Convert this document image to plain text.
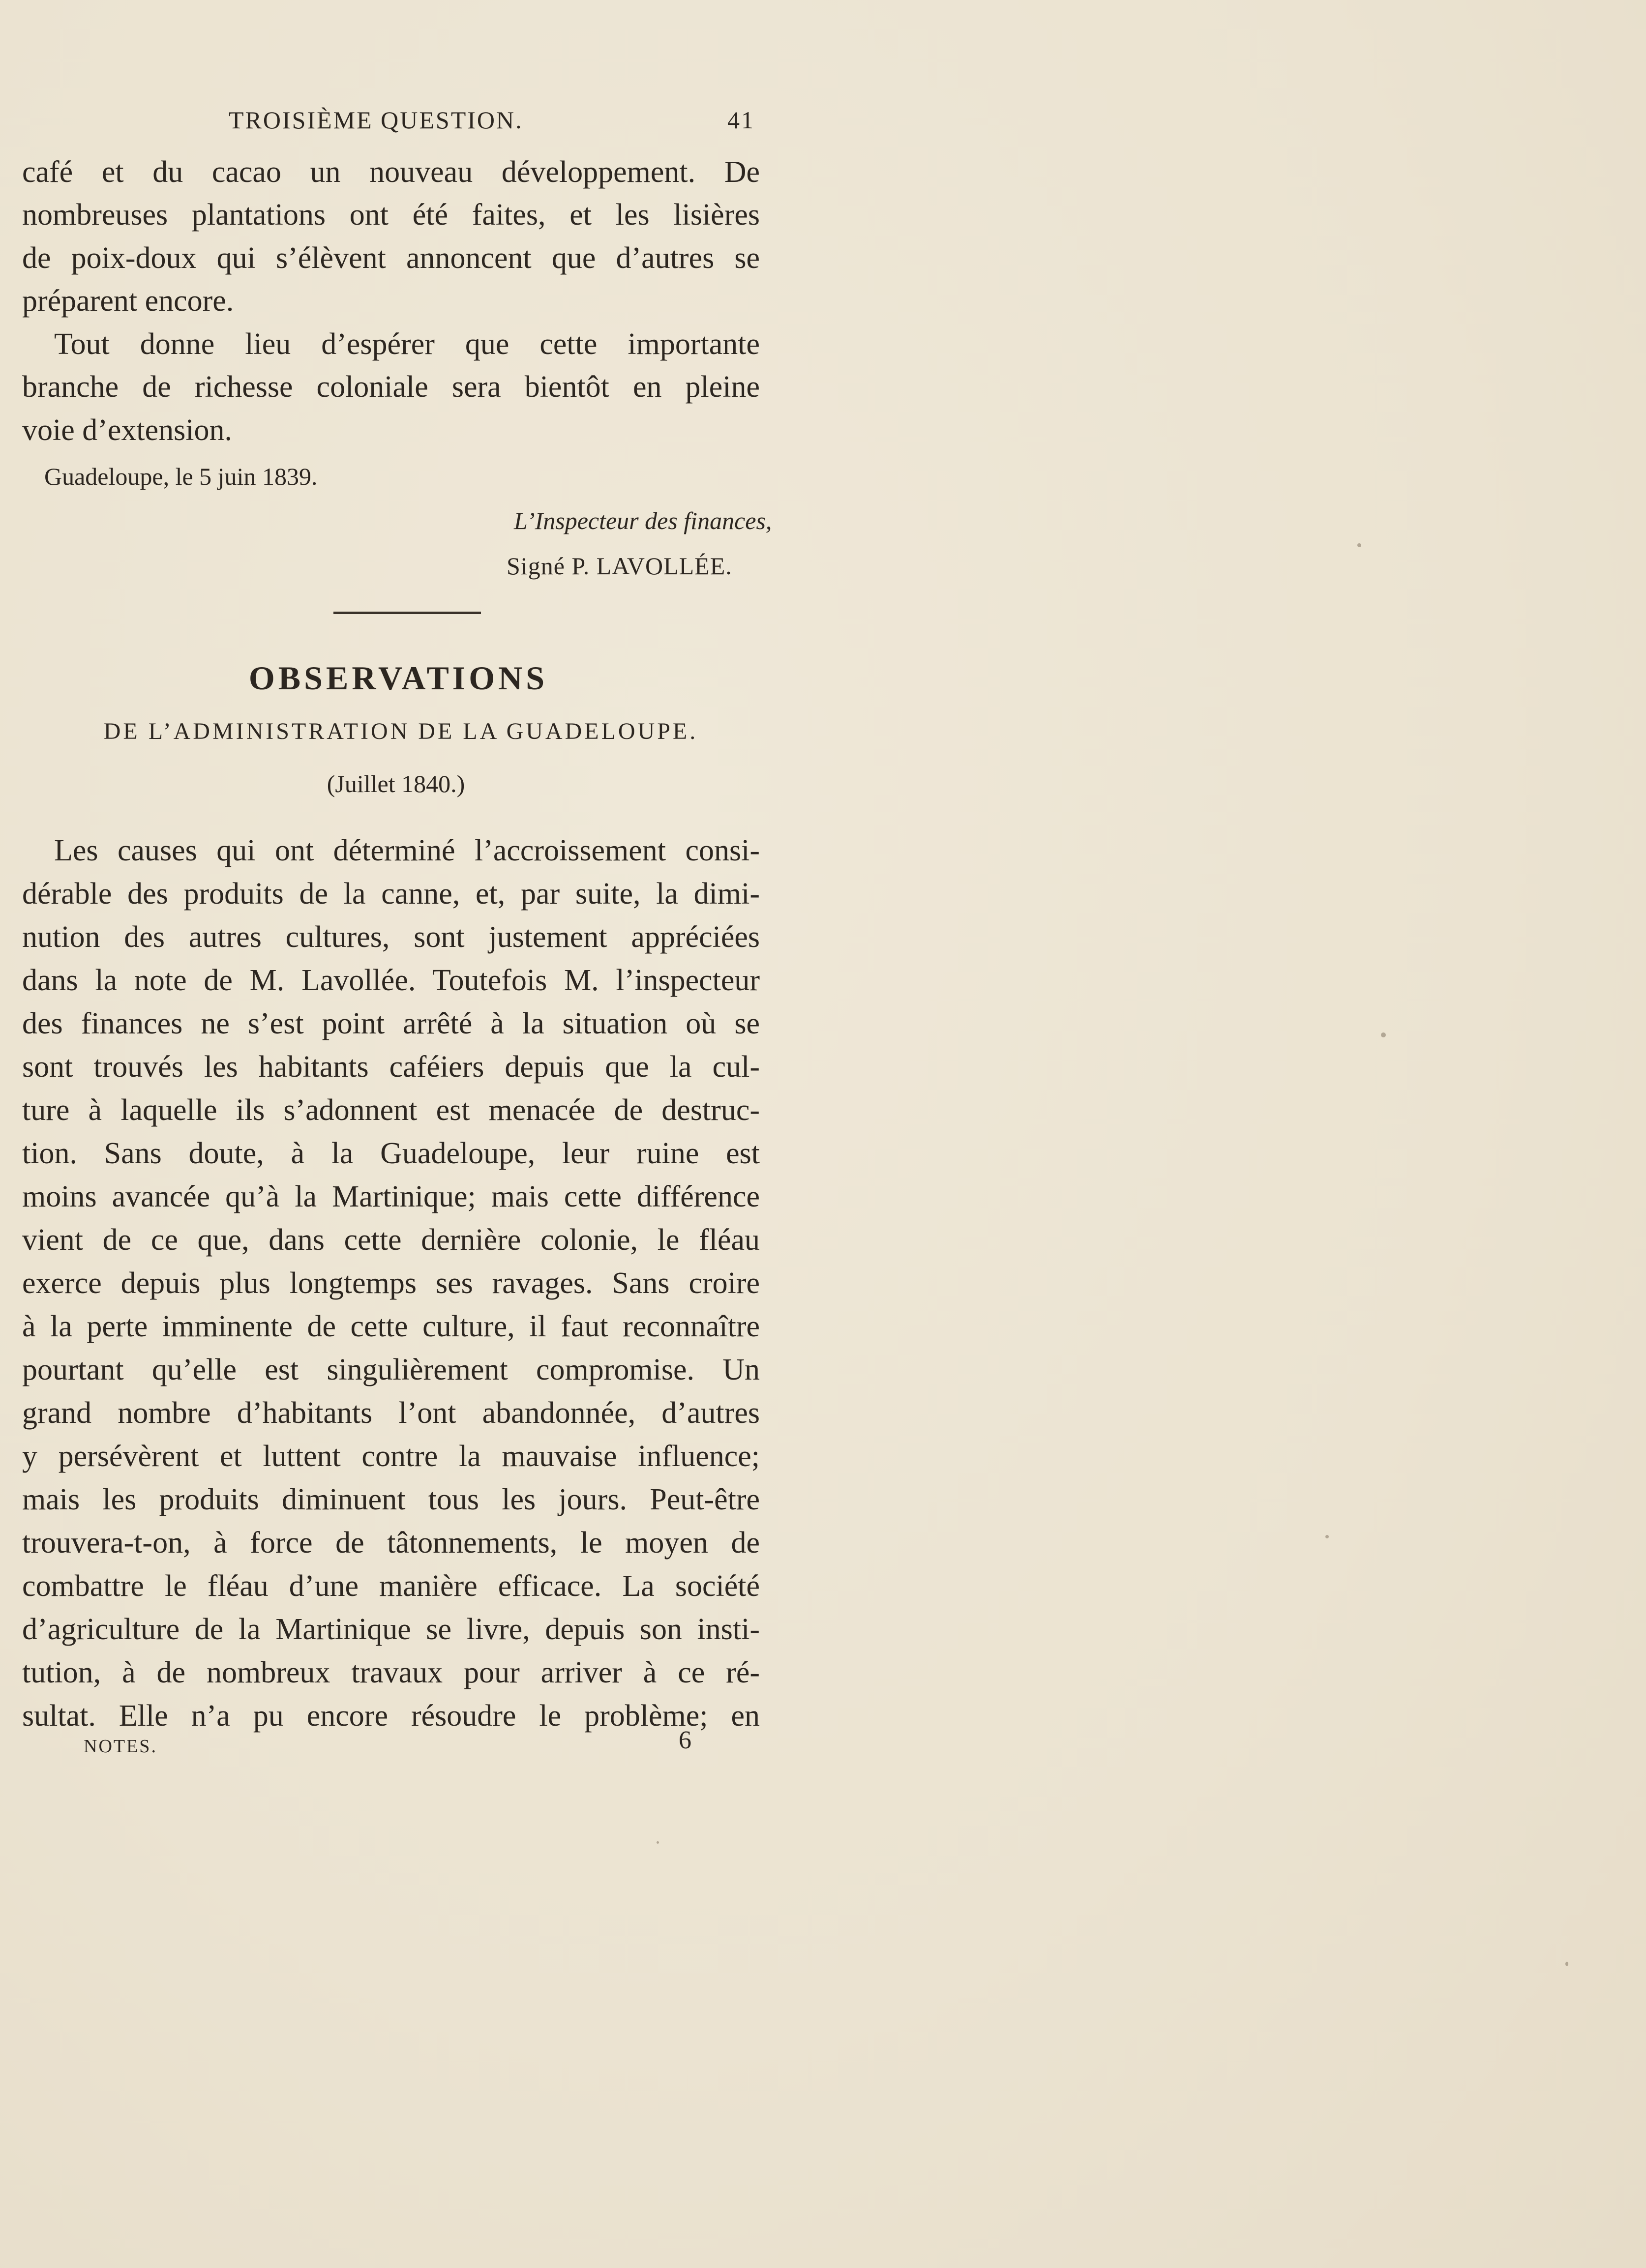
TROISIÈME QUESTION.	41
café et du cacao un nouveau développement. De
nombreuses plantations ont été faites, et les lisières
de poix-doux qui s’élèvent annoncent que d’autres se
préparent encore.
Tout donne lieu d’espérer que cette importante
branche de richesse coloniale sera bientôt en pleine
voie d’extension.
Guadeloupe, le 5 juin 1839.
L’Inspecteur des finances,
Signé P. LAVOLLÉE.
OBSERVATIONS
DE L’ADMINISTRATION DE LA GUADELOUPE.
(Juillet 1840.)
Les causes qui ont déterminé l’accroissement consi-
dérable des produits de la canne, et, par suite, la dimi-
nution des autres cultures, sont justement appréciées
dans la note de M. Lavollée. Toutefois M. l’inspecteur
des finances ne s’est point arrêté à la situation où se
sont trouvés les habitants caféiers depuis que la cul-
ture à laquelle ils s’adonnent est menacée de destruc-
tion. Sans doute, à la Guadeloupe, leur ruine est
moins avancée qu’à la Martinique; mais cette différence
vient de ce que, dans cette dernière colonie, le fléau
exerce depuis plus longtemps ses ravages. Sans croire
à la perte imminente de cette culture, il faut reconnaître
pourtant qu’elle est singulièrement compromise. Un
grand nombre d’habitants l’ont abandonnée, d’autres
y persévèrent et luttent contre la mauvaise influence;
mais les produits diminuent tous les jours. Peut-être
trouvera-t-on, à force de tâtonnements, le moyen de
combattre le fléau d’une manière efficace. La société
d’agriculture de la Martinique se livre, depuis son insti-
tution, à de nombreux travaux pour arriver à ce ré-
sultat. Elle n’a pu encore résoudre le problème; en
NOTES.	6
